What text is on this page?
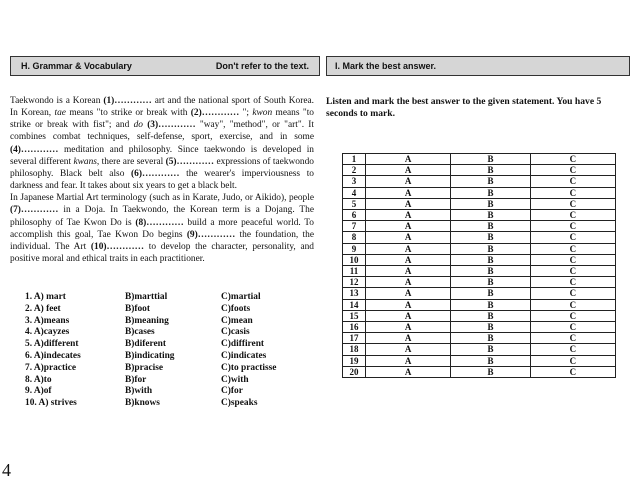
H. Grammar & Vocabulary	Don't refer to the text.	I. Mark the best answer.

Taekwondo is a Korean (1)………… art and the national sport of South Korea. In Korean, tae means "to strike or break with (2)………… "; kwon means "to strike or break with fist"; and do (3)………… "way", "method", or "art". It combines combat techniques, self-defense, sport, exercise, and in some (4)………… meditation and philosophy. Since taekwondo is developed in several different kwans, there are several (5)………… expressions of taekwondo philosophy. Black belt also (6)………… the wearer's imperviousness to darkness and fear. It takes about six years to get a black belt.

In Japanese Martial Art terminology (such as in Karate, Judo, or Aikido), people (7)………… in a Doja. In Taekwondo, the Korean term is a Dojang. The philosophy of Tae Kwon Do is (8)………… build a more peaceful world. To accomplish this goal, Tae Kwon Do begins (9)………… the foundation, the individual. The Art (10)………… to develop the character, personality, and positive moral and ethical traits in each practitioner.

1. A) mart	B)marttial	C)martial
2. A) feet	B)foot	C)foots
3. A)means	B)meaning	C)mean
4. A)cayzes	B)cases	C)casis
5. A)different	B)diferent	C)diffirent
6. A)indecates	B)indicating	C)indicates
7. A)practice	B)pracise	C)to practisse
8. A)to	B)for	C)with
9. A)of	B)with	C)for
10. A) strives	B)knows	C)speaks
Listen and mark the best answer to the given statement. You have 5 seconds to mark.
1	A	B	C
2	A	B	C
3	A	B	C
4	A	B	C
5	A	B	C
6	A	B	C
7	A	B	C
8	A	B	C
9	A	B	C
10	A	B	C
11	A	B	C
12	A	B	C
13	A	B	C
14	A	B	C
15	A	B	C
16	A	B	C
17	A	B	C
18	A	B	C
19	A	B	C
20	A	B	C
4
